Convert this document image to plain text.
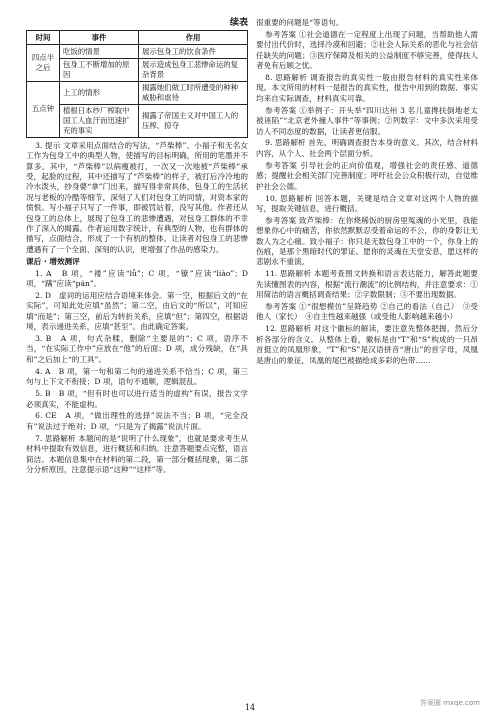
续表
时间	事件	作用
四点半
之后	吃饭的情景	展示包身工的饮食条件
	包身工不断增加的原因	展示造成包身工悲惨命运的复杂背景
五点钟	上工的情形	揭露她们做工时所遭受的种种威胁和虐待
	植根日本纱厂榨取中国工人血汗而迅速扩充的事实	揭露了帝国主义对中国工人的压榨、掠夺

3. 提示 文章采用点面结合的写法，“芦柴棒”、小福子和无名女工作为包身工中的典型人物，使描写的目标明确，所用的笔墨并不算多。其中，“芦柴棒”以病瘦被打，一次又一次地被“芦柴棒”承受，起脸的过程，其中还描写了“芦柴棒”的样子，被打后冷冷地的冷水泼头，抄身婆“拿”门出来，描写得非常具体，包身工的生活状况与老板的冷酷等细节，深刻了人们对包身工的同情，对资本家的愤恨。写小福子只写了一件事，即被罚站着，没写其他。作者还从包身工的总体上，展现了包身工的悲惨遭遇，对包身工群体的不幸作了深入的揭露。作者运用数字统计，有典型的人物，也有群体的描写，点面结合，形成了一个有机的整体，让读者对包身工的悲惨遭遇有了一个全面、深刻的认识，更增强了作品的感染力。

课后 · 增效测评

1. A　B 项，“褛”应读“lǚ”；C 项，“镣”应读“liào”；D 项，“蹒”应读“pán”。

2. D　虚词的运用应结合语境来体会。第一空，根据后文的“在实际”，可知此处应填“虽然”；第二空，由后文的“所以”，可知应填“而是”；第三空，前后为转折关系，应填“但”；第四空，根据语境，表示递进关系，应填“甚至”。由此确定答案。

3. B　A 项，句式杂糅，删除“主要是的”；C 项，语序不当，“在实际工作中”应放在“他”的后面；D 项，成分残缺，在“具和”之后加上“的工具”。

4. A　B 项，第一句和第二句的递进关系不恰当；C 项，第三句与上下文不衔接；D 项，语句不通顺，逻辑混乱。

5. B　B 项，“但有时也可以进行适当的虚构”有误，报告文学必须真实，不能虚构。

6. CE　A 项，“做出理性的选择”说法不当；B 项，“完全没有”说法过于绝对；D 项，“只是为了揭露”说法片面。

7. 思路解析 本题问的是“说明了什么现象”，也就是要求考生从材料中提取有效信息，进行概括和归纳。注意答题要点完整，语言简洁。本题信息集中在材料的第二段，第一部分概括现象，第二部分分析原因，注意提示语“这种”“这样”等。

很重要的问题是“等语句。

参考答案 ①社会道德在一定程度上出现了问题，当帮助他人需要付出代价时，选择冷漠和回避；②社会人际关系的恶化与社会信任缺失的问题；③医疗保障及相关的公益制度不够完善，使得扶人者免有后顾之忧。

8. 思路解析 调查报告的真实性一般由报告材料的真实性来体现。本文所用的材料一是报告的真实性，报告中用到的数据、事实均来自实际调查，材料真实可靠。

参考答案 ①举例子：开头举“四川达州 3 名儿童搀扶倒地老太被诬陷”“北京老外撞人事件”等事例；②列数字：文中多次采用受访人不同态度的数据，让读者更信服。

9. 思路解析 首先，明确调查报告本身的意义。其次，结合材料内容，从个人、社会两个层面分析。

参考答案 引导社会的正向价值观，增强社会的责任感、道德感；提醒社会相关部门完善制度；呼吁社会公众积极行动，自觉维护社会公德。

10. 思路解析 回答本题，关键是结合文章对这两个人物的描写，提取关键信息，进行概括。

参考答案 致芦柴棒：在你烧稀饭的厨房里冤魂的小光里，我能想象你心中的痛苦，你依然默默忍受着命运的不公，你的身影让无数人为之心痛。致小福子：你只是无数包身工中的一个，你身上的伤痕，是那个黑暗时代的罪证。愿你的灵魂在天堂安息，愿这样的悲剧永不重演。

11. 思路解析 本题考查图文转换和语言表达能力，解答此题要先读懂图表的内容，根据“流行潮流”的比例结构，并注意要求：①用简洁的语言概括调查结果；②字数限制；③不要出现数据。

参考答案 ①“很想模仿”呈降趋势 ②自己的看法（自己）　③受他人（家长）　④自主性越来越强（或受他人影响越来越小）

12. 思路解析 对这个徽标的解读，要注意先整体把握，然后分析各部分的含义。从整体上看，徽标是由“T”和“S”构成的一只昂首挺立的凤凰形象，“T”和“S”是汉语拼音“唐山”的首字母，凤凰是唐山的象征，凤凰的尾巴被描绘成多彩的色带……

14	答案圈 mxqe.com
